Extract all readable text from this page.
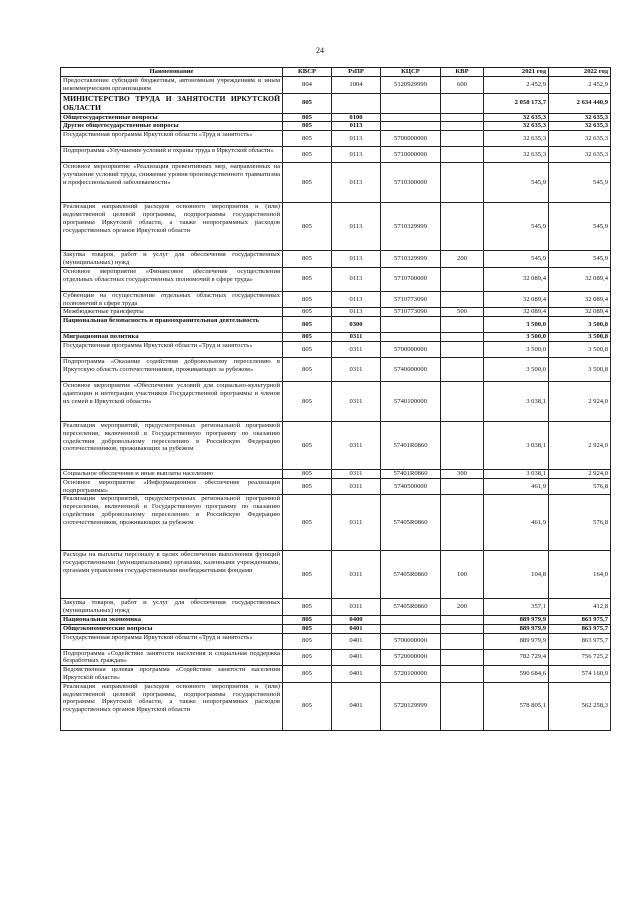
24
Наименование	КВСР	РзПР	КЦСР	КВР	2021 год	2022 год
Предоставление субсидий бюджетным, автономным учреждениям и иным некоммерческим организациям	804	1004	5120929999	600	2 452,9	2 452,9
МИНИСТЕРСТВО ТРУДА И ЗАНЯТОСТИ ИРКУТСКОЙ ОБЛАСТИ	805				2 058 173,7	2 634 440,9
Общегосударственные вопросы	805	0100			32 635,3	32 635,3
Другие общегосударственные вопросы	805	0113			32 635,3	32 635,3
Государственная программа Иркутской области «Труд и занятость»	805	0113	5700000000		32 635,3	32 635,3
Подпрограмма «Улучшение условий и охраны труда в Иркутской области»	805	0113	5710000000		32 635,3	32 635,3
Основное мероприятие «Реализация превентивных мер, направленных на улучшение условий труда, снижение уровня производственного травматизма и профессиональной заболеваемости»	805	0113	5710300000		545,9	545,9
Реализация направлений расходов основного мероприятия и (или) ведомственной целевой программы, подпрограммы государственной программы Иркутской области, а также непрограммных расходов государственных органов Иркутской области	805	0113	5710329999		545,9	545,9
Закупка товаров, работ и услуг для обеспечения государственных (муниципальных) нужд	805	0113	5710329999	200	545,9	545,9
Основное мероприятие «Финансовое обеспечение осуществления отдельных областных государственных полномочий в сфере труда»	805	0113	5710700000		32 089,4	32 089,4
Субвенции на осуществление отдельных областных государственных полномочий в сфере труда	805	0113	5710773090		32 089,4	32 089,4
Межбюджетные трансферты	805	0113	5710773090	500	32 089,4	32 089,4
Национальная безопасность и правоохранительная деятельность	805	0300			3 500,0	3 500,8
Миграционная политика	805	0311			3 500,0	3 500,8
Государственная программа Иркутской области «Труд и занятость»	805	0311	5700000000		3 500,0	3 500,8
Подпрограмма «Оказание содействия добровольному переселению в Иркутскую область соотечественников, проживающих за рубежом»	805	0311	5740000000		3 500,0	3 500,8
Основное мероприятие «Обеспечение условий для социально-культурной адаптации и интеграции участников Государственной программы и членов их семей в Иркутской области»	805	0311	5740100000		3 038,1	2 924,0
Реализация мероприятий, предусмотренных региональной программой переселения, включенной в Государственную программу по оказанию содействия добровольному переселению в Российскую Федерацию соотечественников, проживающих за рубежом	805	0311	57401R0860		3 038,1	2 924,0
Социальное обеспечение и иные выплаты населению	805	0311	57401R0860	300	3 038,1	2 924,0
Основное мероприятие «Информационное обеспечение реализации подпрограммы»	805	0311	5740500000		461,9	576,8
Реализация мероприятий, предусмотренных региональной программой переселения, включенной в Государственную программу по оказанию содействия добровольному переселению в Российскую Федерацию соотечественников, проживающих за рубежом	805	0311	57405R0860		461,9	576,8
Расходы на выплаты персоналу в целях обеспечения выполнения функций государственными (муниципальными) органами, казенными учреждениями, органами управления государственными внебюджетными фондами	805	0311	57405R0860	100	104,8	164,0
Закупка товаров, работ и услуг для обеспечения государственных (муниципальных) нужд	805	0311	57405R0860	200	357,1	412,8
Национальная экономика	805	0400			889 979,9	863 975,7
Общеэкономические вопросы	805	0401			889 979,9	863 975,7
Государственная программа Иркутской области «Труд и занятость»	805	0401	5700000000		889 979,9	863 975,7
Подпрограмма «Содействие занятости населения и социальная поддержка безработных граждан»	805	0401	5720000000		782 729,4	756 725,2
Ведомственная целевая программа «Содействие занятости населения Иркутской области»	805	0401	5720100000		590 684,6	574 160,9
Реализация направлений расходов основного мероприятия и (или) ведомственной целевой программы, подпрограммы государственной программы Иркутской области, а также непрограммных расходов государственных органов Иркутской области	805	0401	5720129999		578 805,1	562 258,3
